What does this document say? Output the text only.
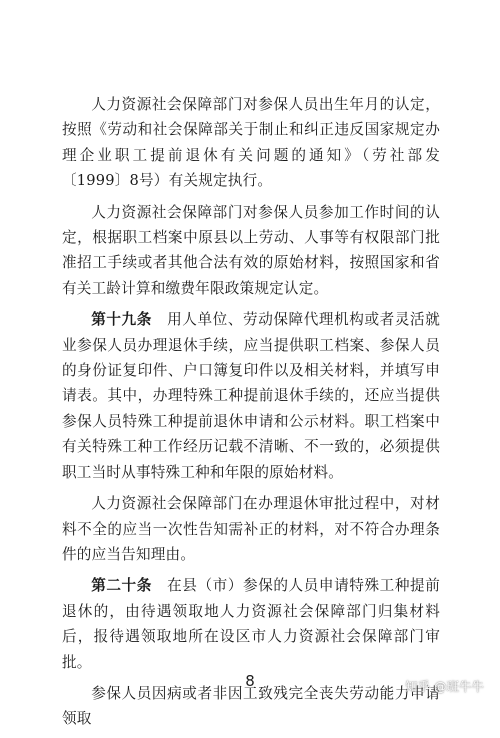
人力资源社会保障部门对参保人员出生年月的认定，按照《劳动和社会保障部关于制止和纠正违反国家规定办理企业职工提前退休有关问题的通知》（劳社部发〔1999〕8号）有关规定执行。

人力资源社会保障部门对参保人员参加工作时间的认定，根据职工档案中原县以上劳动、人事等有权限部门批准招工手续或者其他合法有效的原始材料，按照国家和省有关工龄计算和缴费年限政策规定认定。

第十九条　用人单位、劳动保障代理机构或者灵活就业参保人员办理退休手续，应当提供职工档案、参保人员的身份证复印件、户口簿复印件以及相关材料，并填写申请表。其中，办理特殊工种提前退休手续的，还应当提供参保人员特殊工种提前退休申请和公示材料。职工档案中有关特殊工种工作经历记载不清晰、不一致的，必须提供职工当时从事特殊工种和年限的原始材料。

人力资源社会保障部门在办理退休审批过程中，对材料不全的应当一次性告知需补正的材料，对不符合办理条件的应当告知理由。

第二十条　在县（市）参保的人员申请特殊工种提前退休的，由待遇领取地人力资源社会保障部门归集材料后，报待遇领取地所在设区市人力资源社会保障部门审批。

参保人员因病或者非因工致残完全丧失劳动能力申请领取

8	知乎 @班牛牛
